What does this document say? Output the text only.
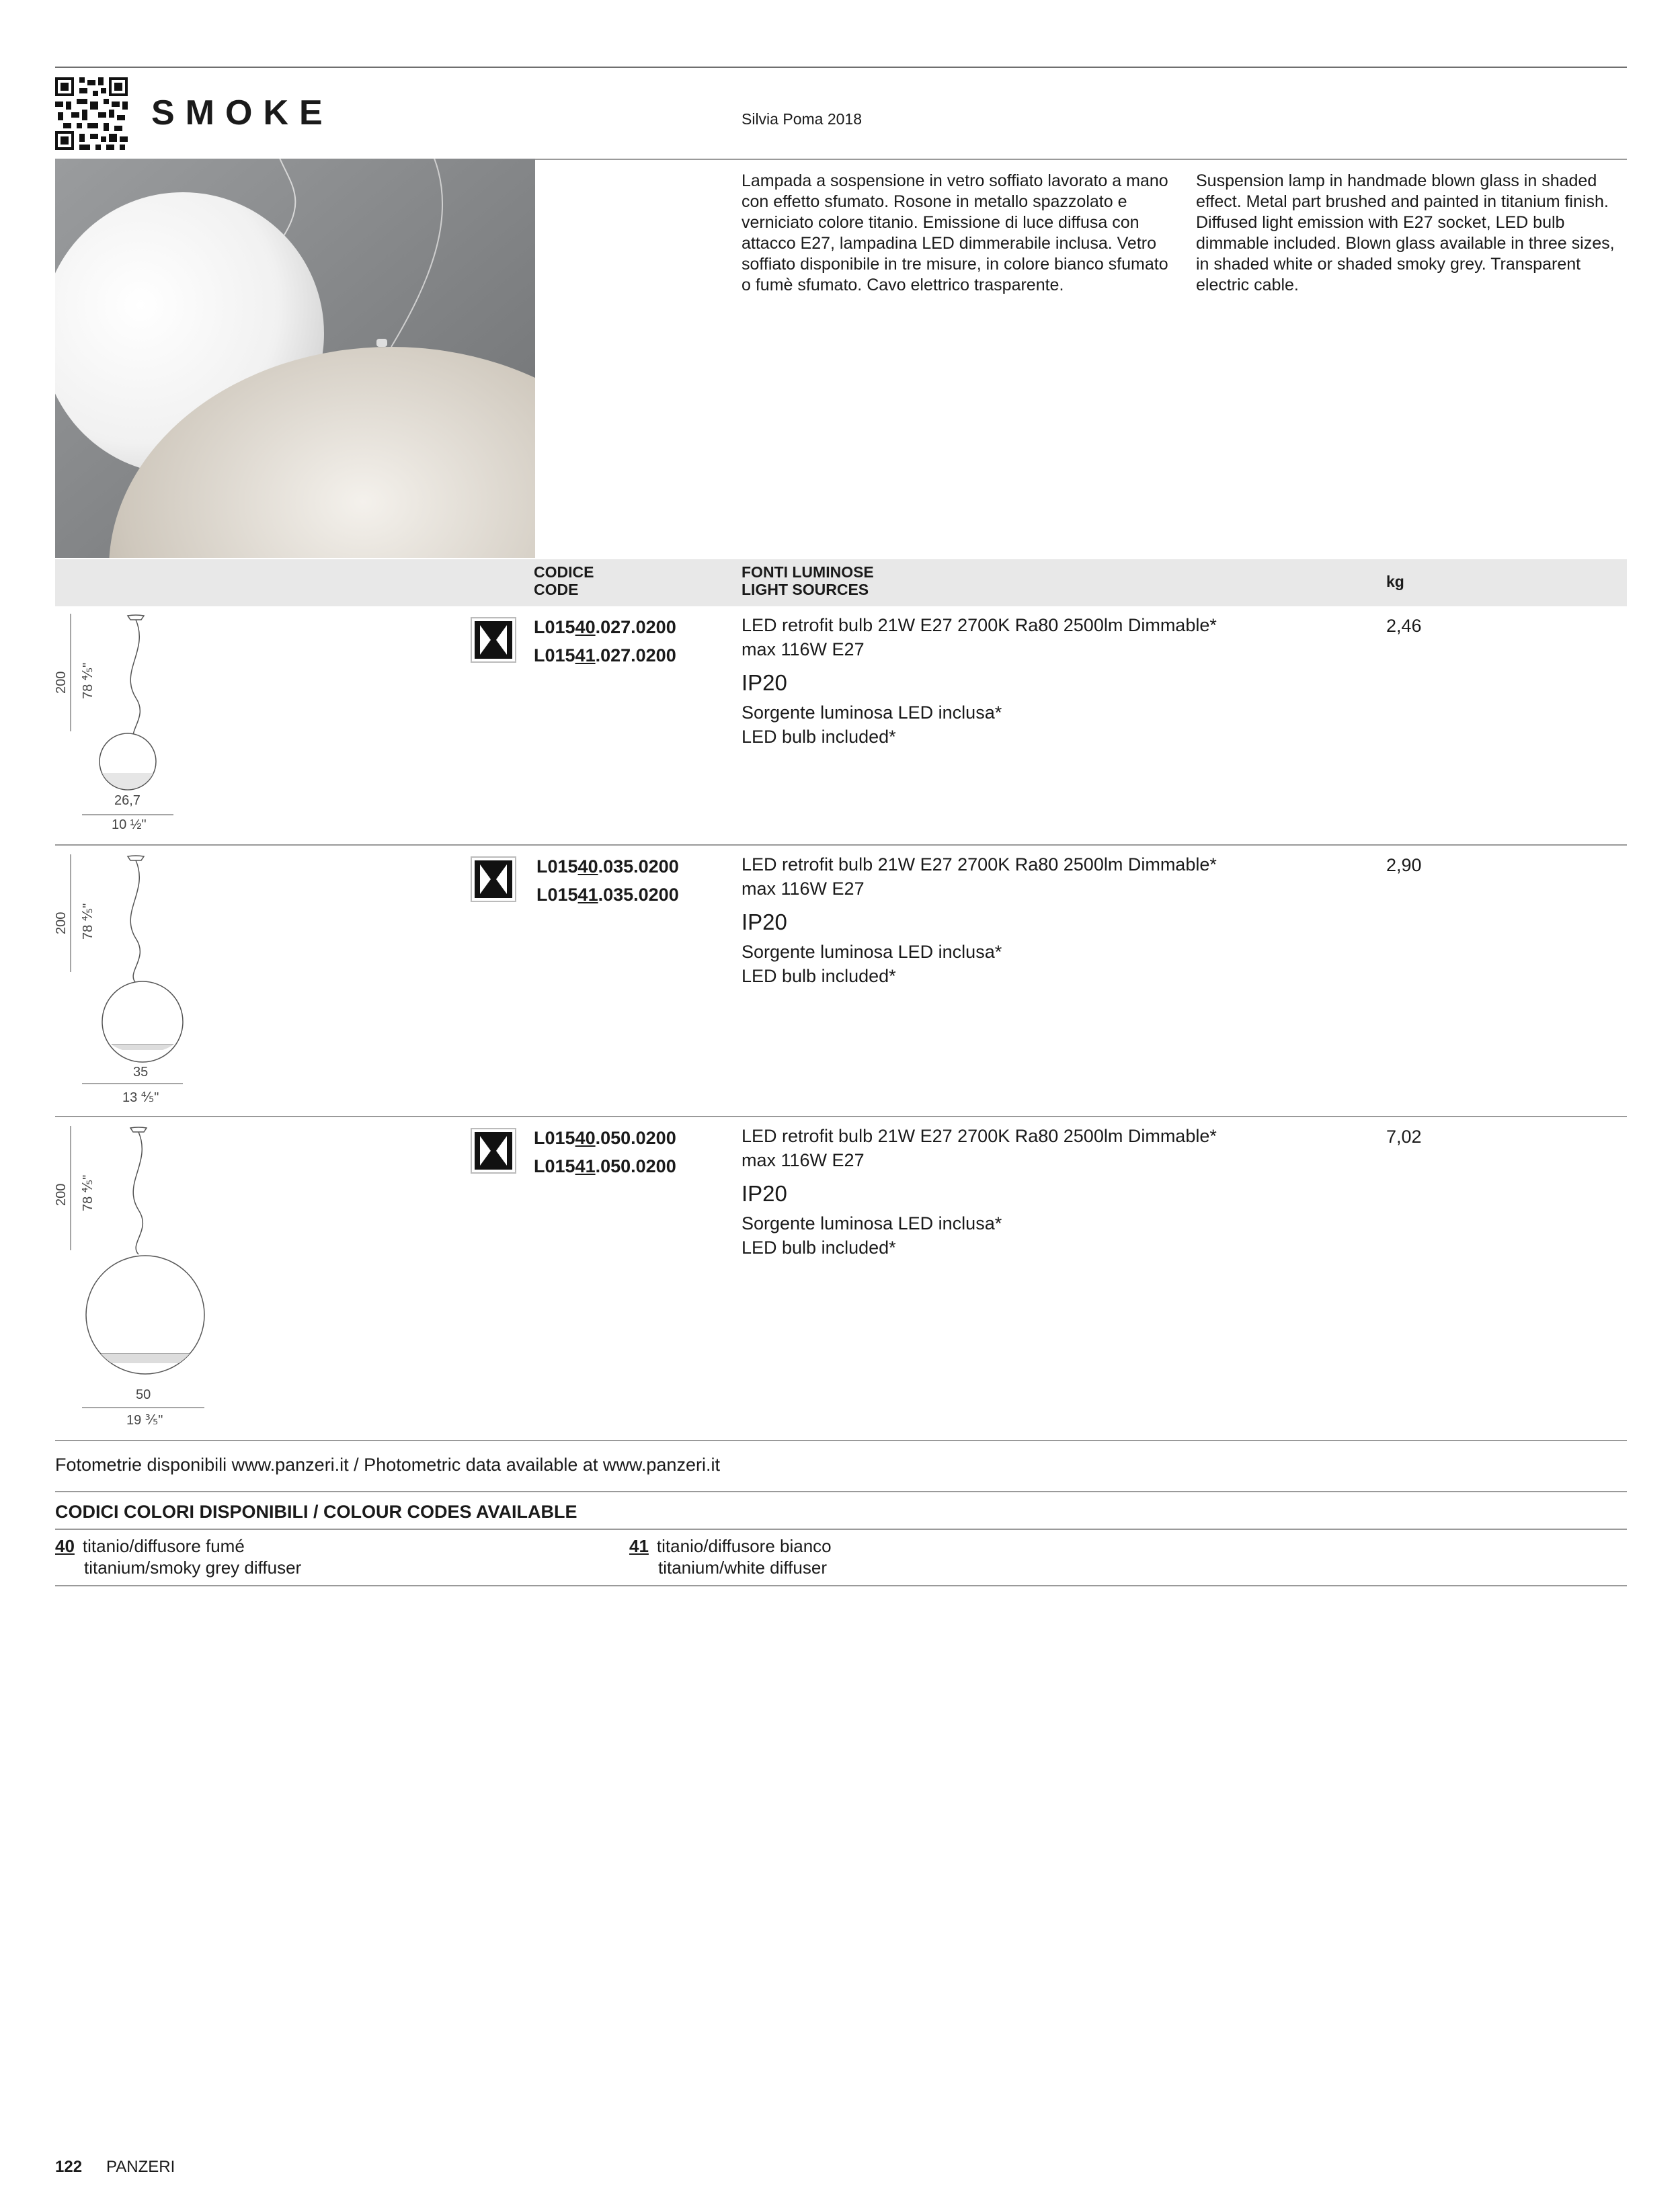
SMOKE	Silvia Poma 2018
Lampada a sospensione in vetro soffiato lavorato a mano con effetto sfumato. Rosone in metallo spazzolato e verniciato colore titanio. Emissione di luce diffusa con attacco E27, lampadina LED dimmerabile inclusa. Vetro soffiato disponibile in tre misure, in colore bianco sfumato o fumè sfumato. Cavo elettrico trasparente.
Suspension lamp in handmade blown glass in shaded effect. Metal part brushed and painted in titanium finish. Diffused light emission with E27 socket, LED bulb dimmable included. Blown glass available in three sizes, in shaded white or shaded smoky grey. Transparent electric cable.
CODICE
CODE
FONTI LUMINOSE
LIGHT SOURCES	kg
200 78 ⅘"
26,7
10 ½"
L01540.027.0200
L01541.027.0200
LED retrofit bulb 21W E27 2700K Ra80 2500lm Dimmable*
max 116W E27
IP20
Sorgente luminosa LED inclusa*
LED bulb included*
2,46
200 78 ⅘"
35
13 ⅘"
L01540.035.0200
L01541.035.0200
LED retrofit bulb 21W E27 2700K Ra80 2500lm Dimmable*
max 116W E27
IP20
Sorgente luminosa LED inclusa*
LED bulb included*
2,90
200 78 ⅘"
50
19 ⅗"
L01540.050.0200
L01541.050.0200
LED retrofit bulb 21W E27 2700K Ra80 2500lm Dimmable*
max 116W E27
IP20
Sorgente luminosa LED inclusa*
LED bulb included*
7,02
Fotometrie disponibili www.panzeri.it / Photometric data available at www.panzeri.it
CODICI COLORI DISPONIBILI / COLOUR CODES AVAILABLE
40 titanio/diffusore fumé
titanium/smoky grey diffuser
41 titanio/diffusore bianco
titanium/white diffuser
122 PANZERI
